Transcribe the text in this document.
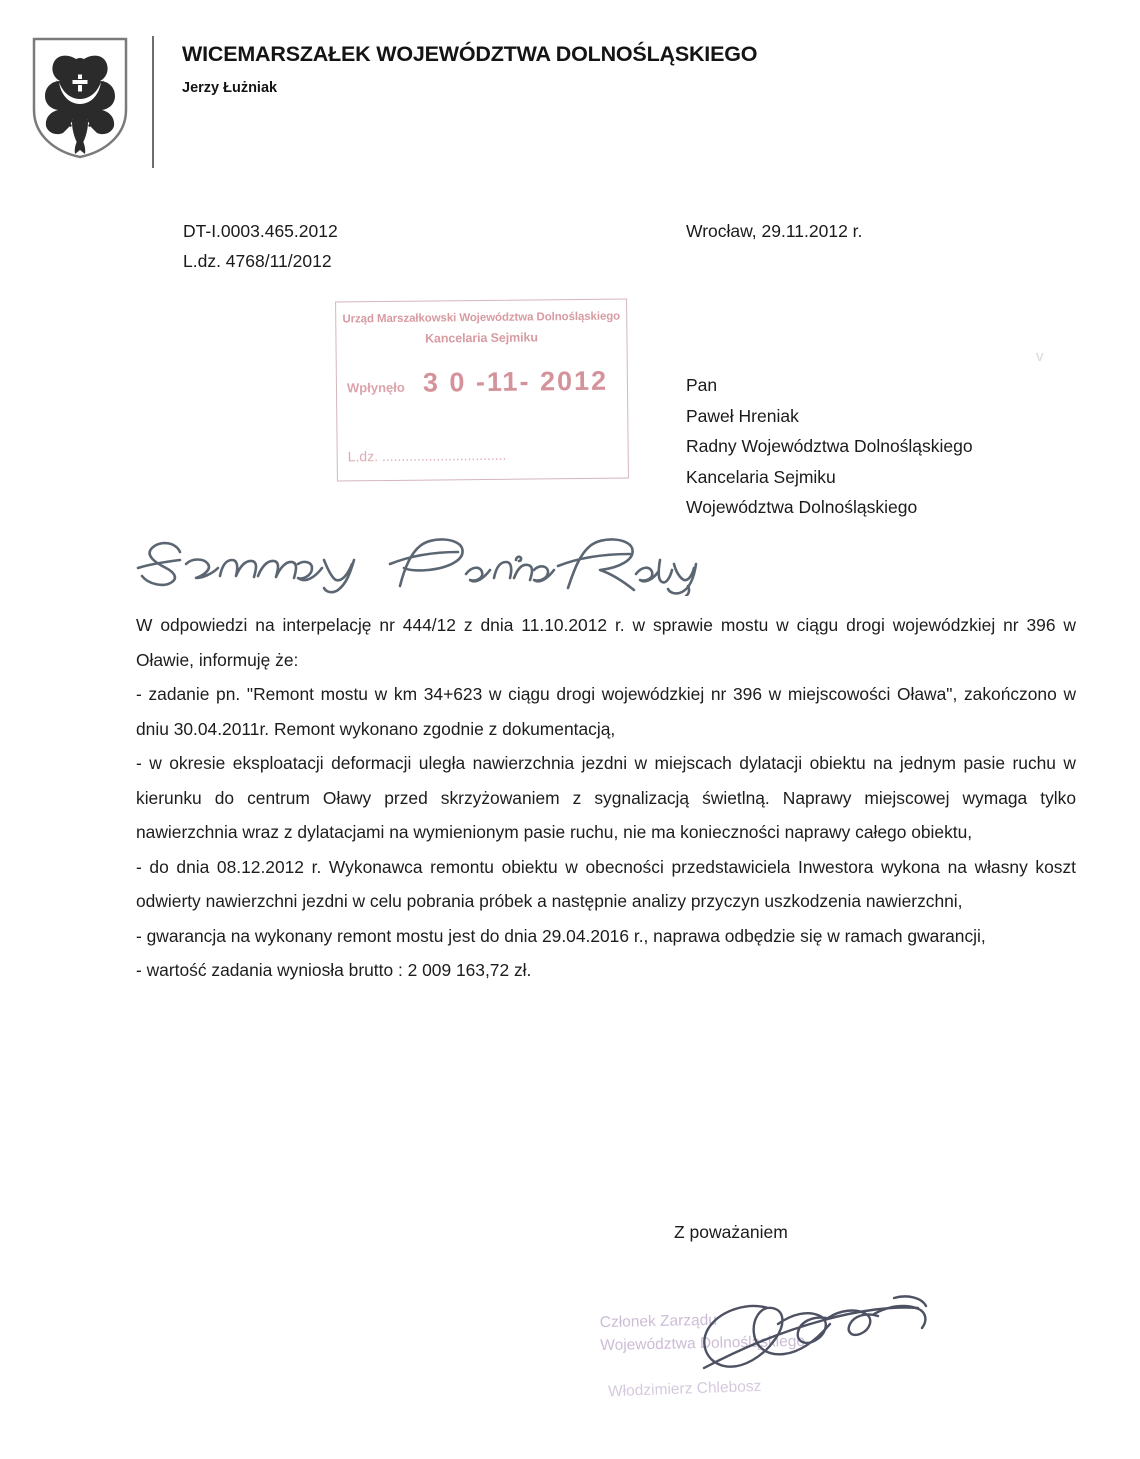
WICEMARSZAŁEK WOJEWÓDZTWA DOLNOŚLĄSKIEGO
Jerzy Łużniak
DT-I.0003.465.2012
L.dz. 4768/11/2012
Wrocław, 29.11.2012 r.
Urząd Marszałkowski Województwa Dolnośląskiego
Kancelaria Sejmiku
Wpłynęło 3 0 -11- 2012
L.dz. ................................
Pan
Paweł Hreniak
Radny Województwa Dolnośląskiego
Kancelaria Sejmiku
Województwa Dolnośląskiego
v

W odpowiedzi na interpelację nr 444/12 z dnia 11.10.2012 r. w sprawie mostu w ciągu drogi wojewódzkiej nr 396 w Oławie, informuję że:

- zadanie pn. "Remont mostu w km 34+623 w ciągu drogi wojewódzkiej nr 396 w miejscowości Oława", zakończono w dniu 30.04.2011r. Remont wykonano zgodnie z dokumentacją,

- w okresie eksploatacji deformacji uległa nawierzchnia jezdni w miejscach dylatacji obiektu na jednym pasie ruchu w kierunku do centrum Oławy przed skrzyżowaniem z sygnalizacją świetlną. Naprawy miejscowej wymaga tylko nawierzchnia wraz z dylatacjami na wymienionym pasie ruchu, nie ma konieczności naprawy całego obiektu,

- do dnia 08.12.2012 r. Wykonawca remontu obiektu w obecności przedstawiciela Inwestora wykona na własny koszt odwierty nawierzchni jezdni w celu pobrania próbek a następnie analizy przyczyn uszkodzenia nawierzchni,

- gwarancja na wykonany remont mostu jest do dnia 29.04.2016 r., naprawa odbędzie się w ramach gwarancji,

- wartość zadania wyniosła brutto : 2 009 163,72 zł.

Z poważaniem
Członek Zarządu
Województwa Dolnośląskiego
Włodzimierz Chlebosz
